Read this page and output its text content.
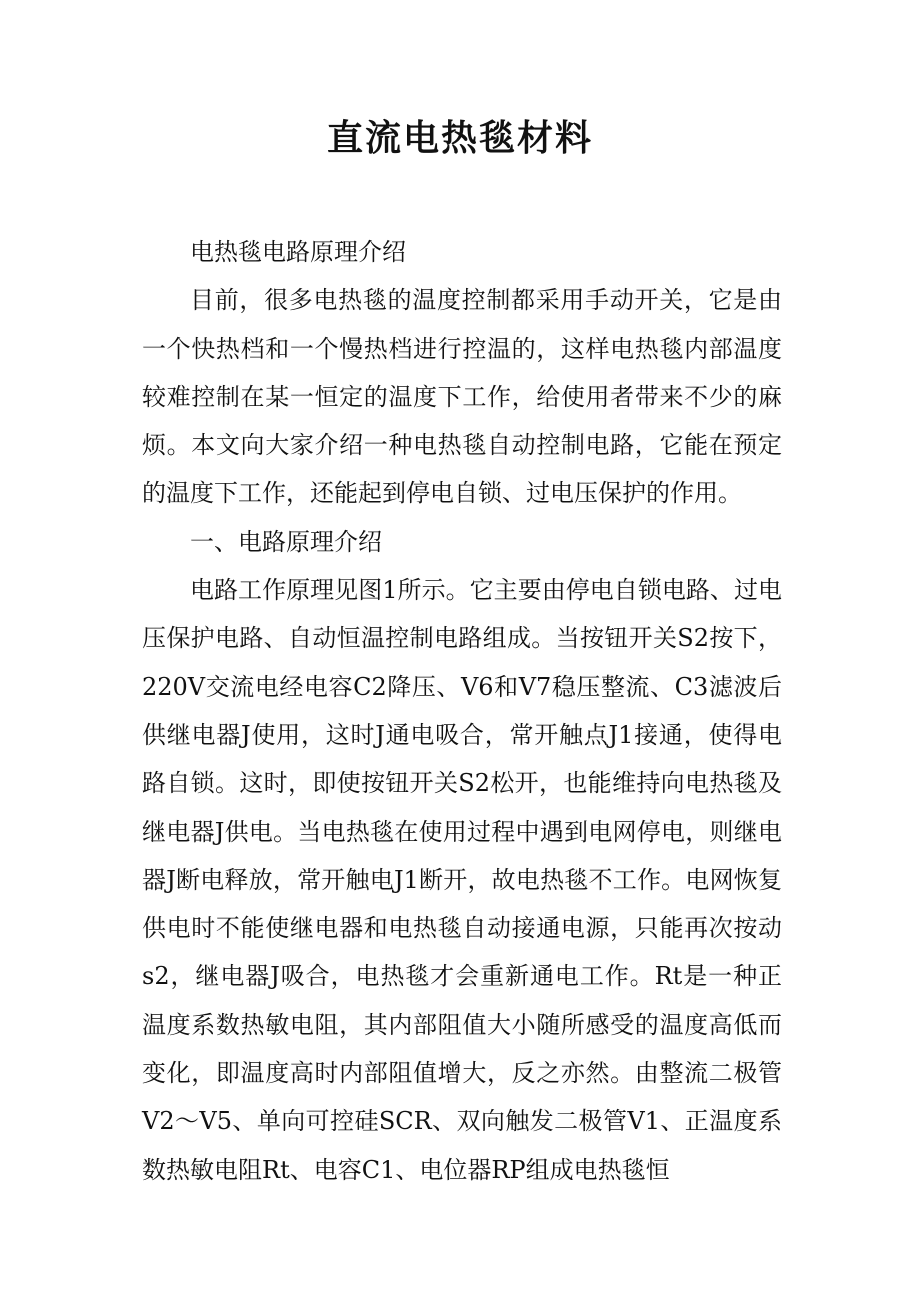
直流电热毯材料

电热毯电路原理介绍

目前，很多电热毯的温度控制都采用手动开关，它是由一个快热档和一个慢热档进行控温的，这样电热毯内部温度较难控制在某一恒定的温度下工作，给使用者带来不少的麻烦。本文向大家介绍一种电热毯自动控制电路，它能在预定的温度下工作，还能起到停电自锁、过电压保护的作用。

一、电路原理介绍

电路工作原理见图1所示。它主要由停电自锁电路、过电压保护电路、自动恒温控制电路组成。当按钮开关S2按下，220V交流电经电容C2降压、V6和V7稳压整流、C3滤波后供继电器J使用，这时J通电吸合，常开触点J1接通，使得电路自锁。这时，即使按钮开关S2松开，也能维持向电热毯及继电器J供电。当电热毯在使用过程中遇到电网停电，则继电器J断电释放，常开触电J1断开，故电热毯不工作。电网恢复供电时不能使继电器和电热毯自动接通电源，只能再次按动s2，继电器J吸合，电热毯才会重新通电工作。Rt是一种正温度系数热敏电阻，其内部阻值大小随所感受的温度高低而变化，即温度高时内部阻值增大，反之亦然。由整流二极管V2～V5、单向可控硅SCR、双向触发二极管V1、正温度系数热敏电阻Rt、电容C1、电位器RP组成电热毯恒
